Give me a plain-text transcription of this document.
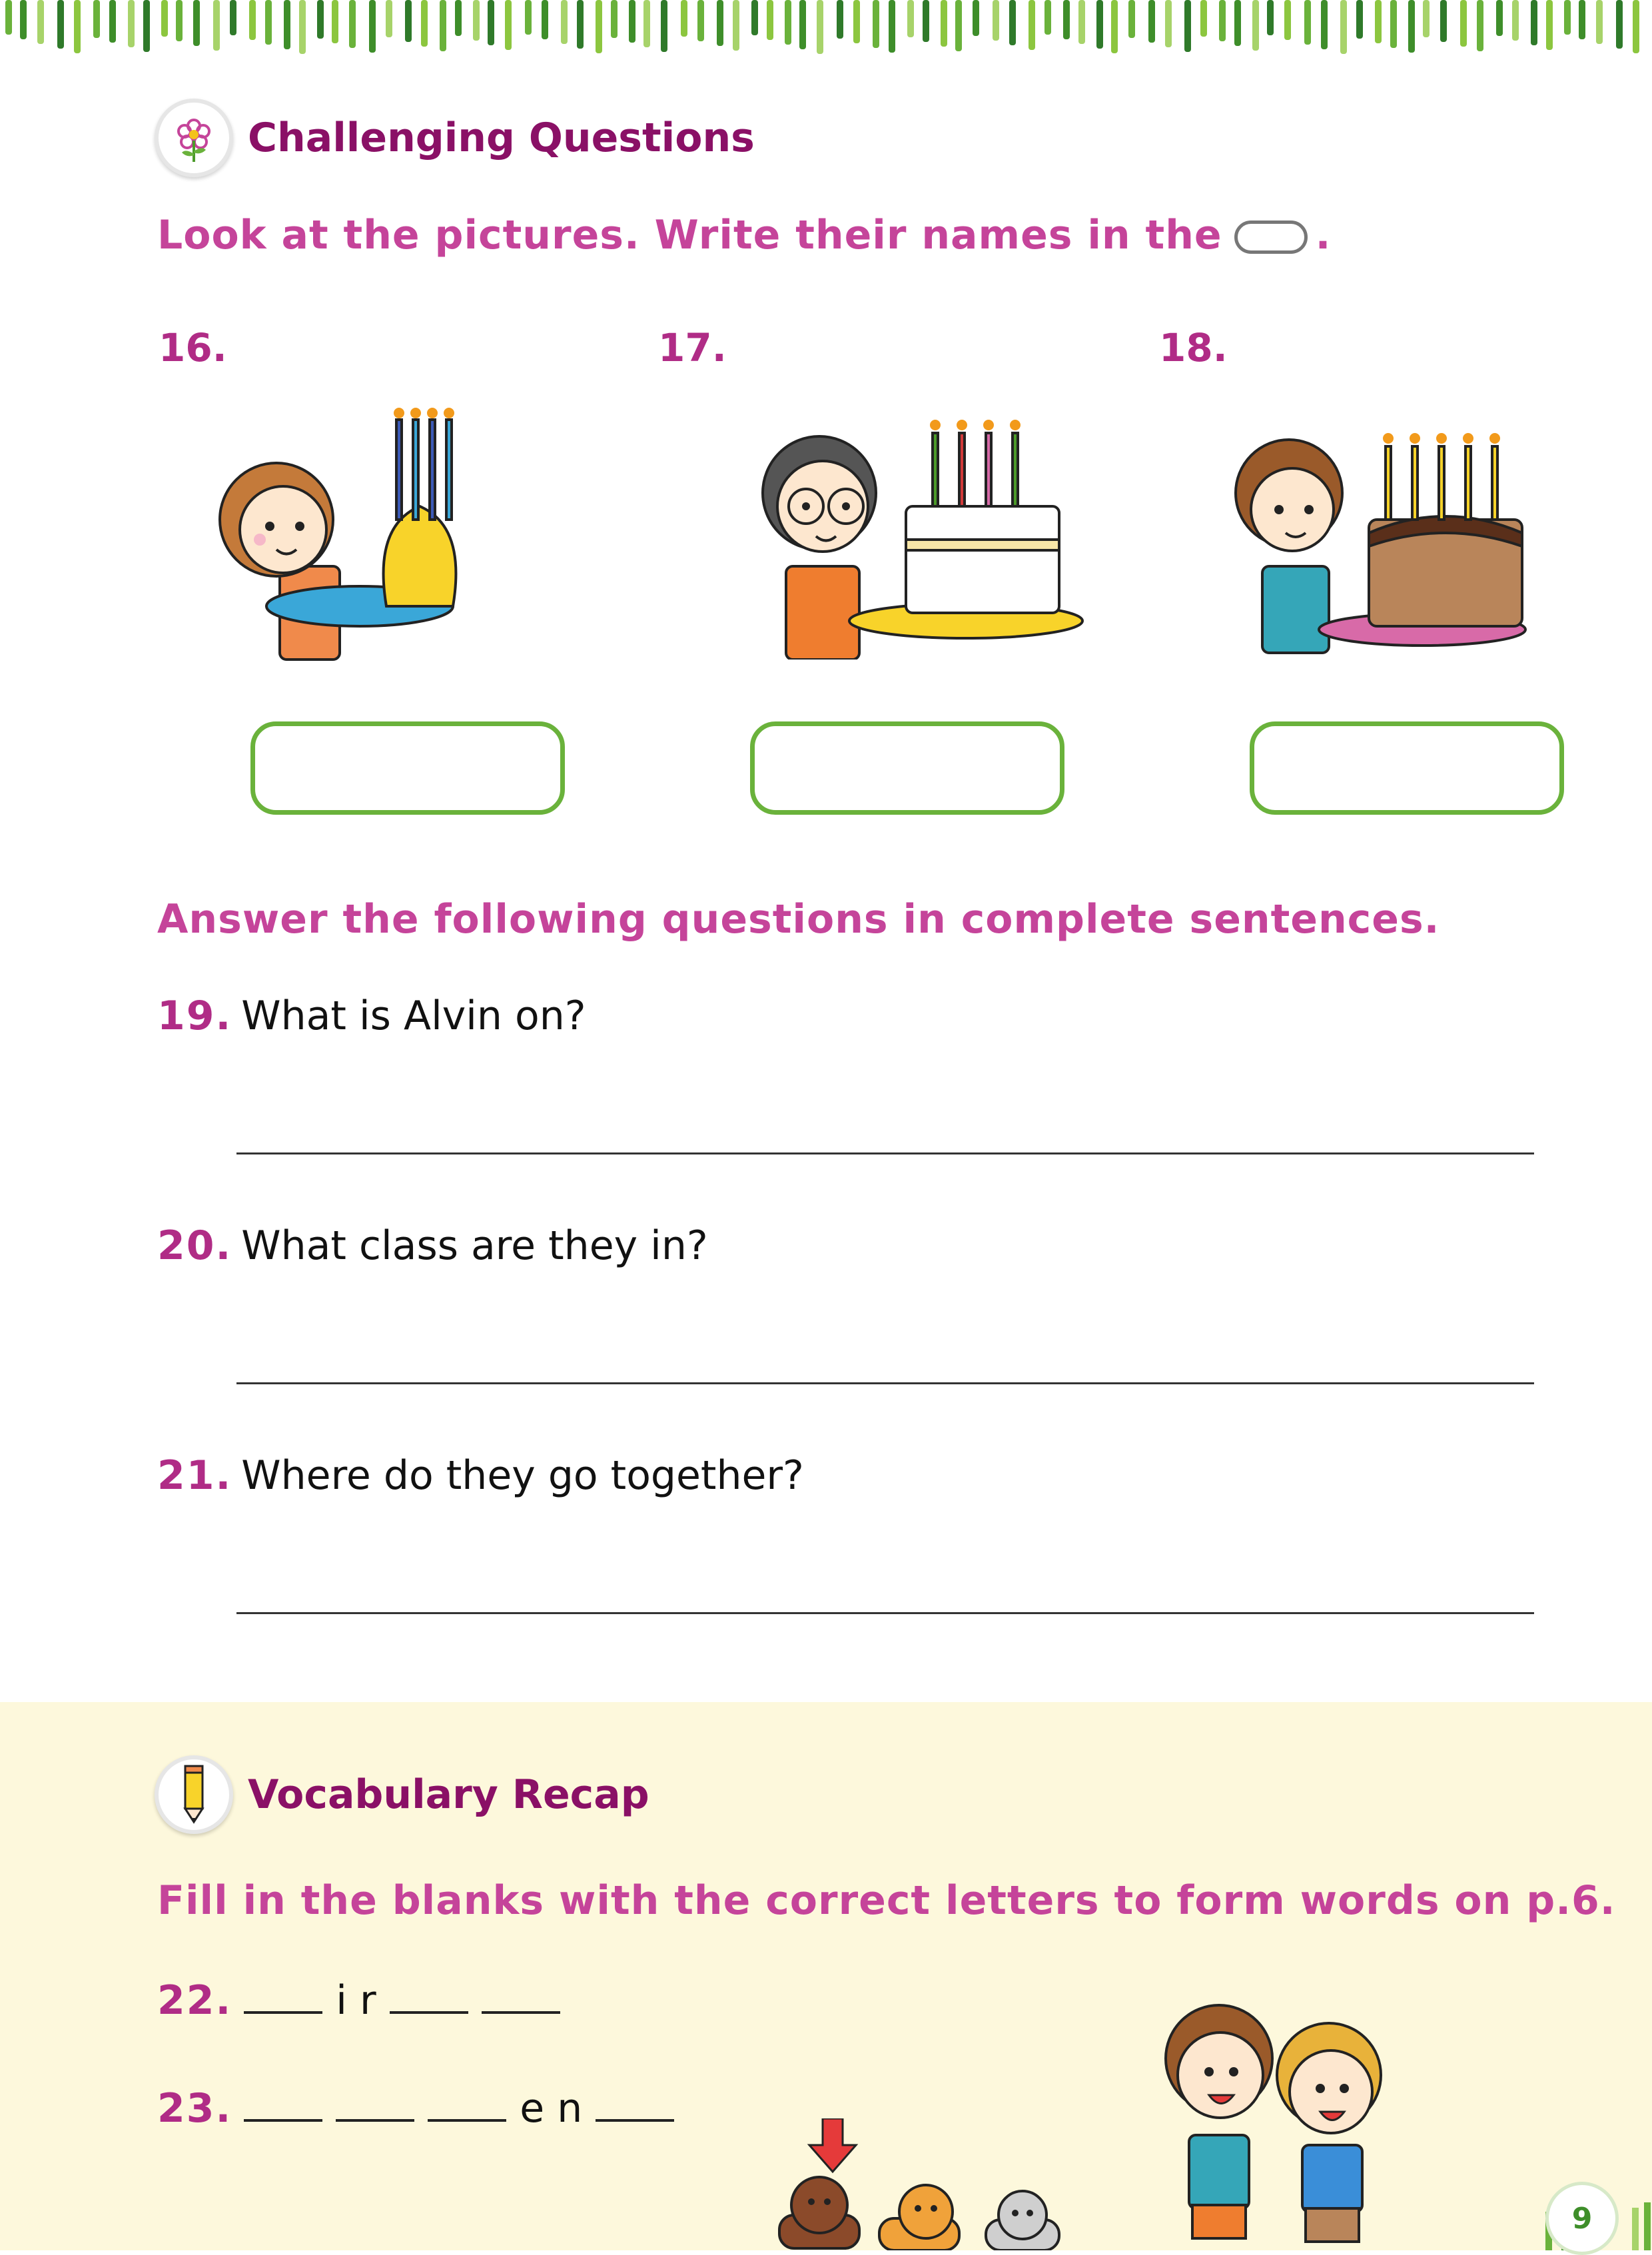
Challenging Questions
Look at the pictures. Write their names in the .
16.	17.	18.
Answer the following questions in complete sentences.
19. What is Alvin on?
20. What class are they in?
21. Where do they go together?
Vocabulary Recap
Fill in the blanks with the correct letters to form words on p.6.
22.	i r
23.	e n
9
